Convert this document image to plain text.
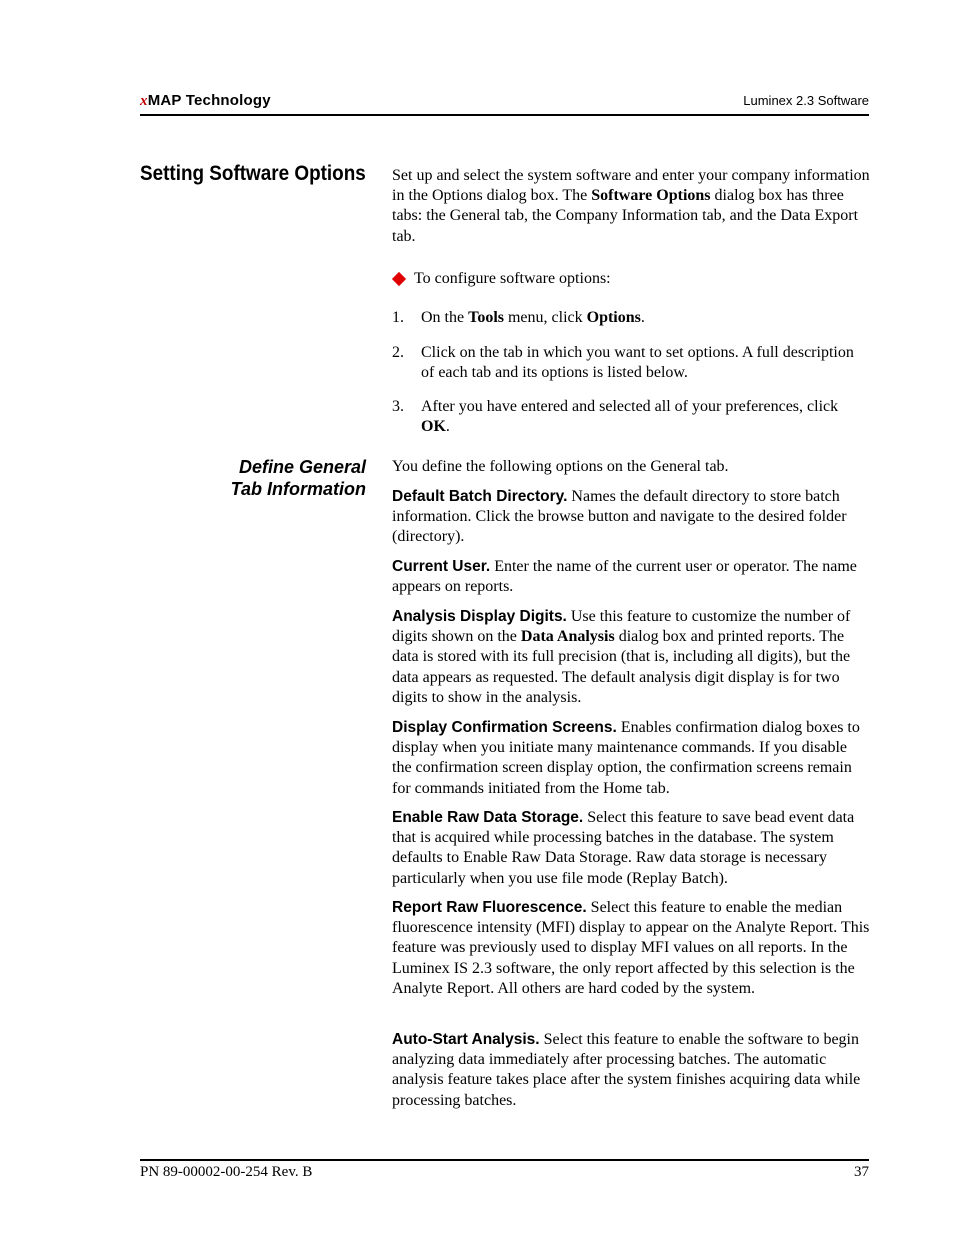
xMAP Technology	Luminex 2.3 Software
Setting Software Options Set up and select the system software and enter your company information in the Options dialog box. The Software Options dialog box has three tabs: the General tab, the Company Information tab, and the Data Export tab.

To configure software options:
1.	On the Tools menu, click Options.
2.	Click on the tab in which you want to set options. A full description of each tab and its options is listed below.
3.	After you have entered and selected all of your preferences, click OK.
Define General
Tab Information

You define the following options on the General tab.

Default Batch Directory. Names the default directory to store batch information. Click the browse button and navigate to the desired folder (directory).

Current User. Enter the name of the current user or operator. The name appears on reports.

Analysis Display Digits. Use this feature to customize the number of digits shown on the Data Analysis dialog box and printed reports. The data is stored with its full precision (that is, including all digits), but the data appears as requested. The default analysis digit display is for two digits to show in the analysis.

Display Confirmation Screens. Enables confirmation dialog boxes to display when you initiate many maintenance commands. If you disable the confirmation screen display option, the confirmation screens remain for commands initiated from the Home tab.

Enable Raw Data Storage. Select this feature to save bead event data that is acquired while processing batches in the database. The system defaults to Enable Raw Data Storage. Raw data storage is necessary particularly when you use file mode (Replay Batch).

Report Raw Fluorescence. Select this feature to enable the median fluorescence intensity (MFI) display to appear on the Analyte Report. This feature was previously used to display MFI values on all reports. In the Luminex IS 2.3 software, the only report affected by this selection is the Analyte Report. All others are hard coded by the system.

Auto-Start Analysis. Select this feature to enable the software to begin analyzing data immediately after processing batches. The automatic analysis feature takes place after the system finishes acquiring data while processing batches.

PN 89-00002-00-254 Rev. B	37
